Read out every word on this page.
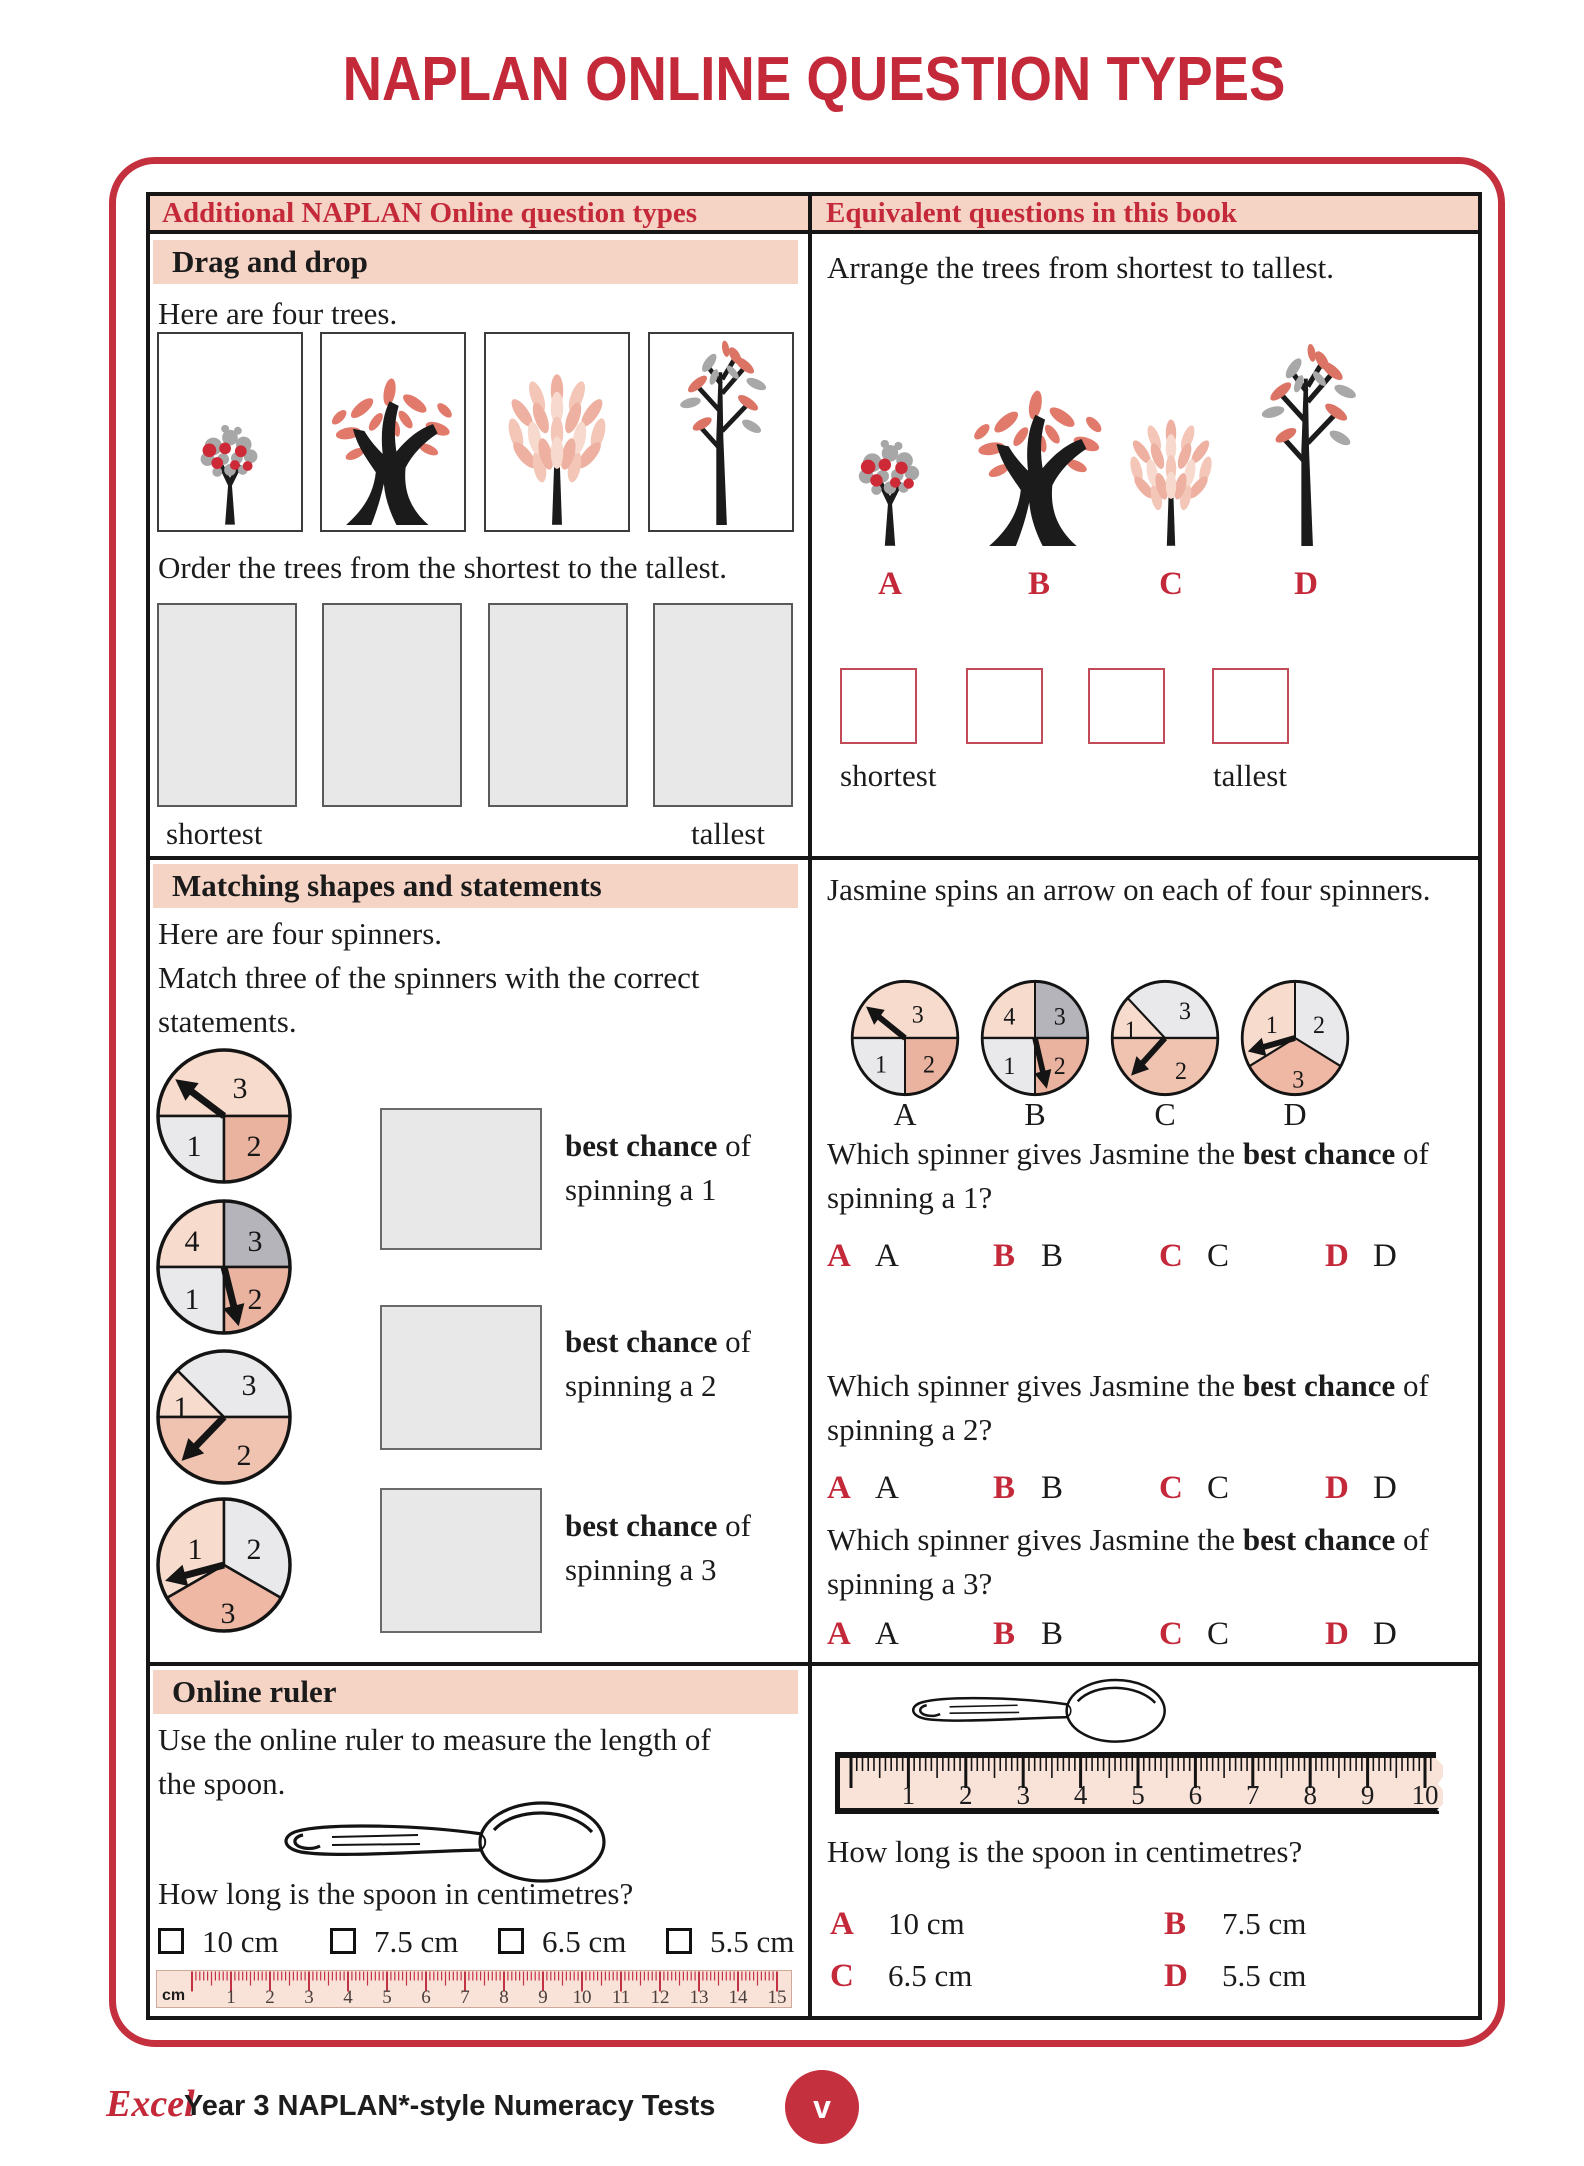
NAPLAN ONLINE QUESTION TYPES
Additional NAPLAN Online question types	Equivalent questions in this book
Drag and drop
Here are four trees.
Order the trees from the shortest to the tallest.
shortest	tallest
Arrange the trees from shortest to tallest.
A	B	C	D
shortest	tallest
Matching shapes and statements
Here are four spinners.
Match three of the spinners with the correct
statements.
3
1 2
4 3
1 2
1
3
2
1 2
3
best chance of
spinning a 1
best chance of
spinning a 2
best chance of
spinning a 3
Jasmine spins an arrow on each of four spinners.
3
1 2
4 3
1 2
1
3
2
1 2
3
A	B	C	D
Which spinner gives Jasmine the best chance of
spinning a 1?
A A	B B	C C	D D
Which spinner gives Jasmine the best chance of
spinning a 2?
A A	B B	C C	D D
Which spinner gives Jasmine the best chance of
spinning a 3?
A A	B B	C C	D D
Online ruler
Use the online ruler to measure the length of
the spoon.
How long is the spoon in centimetres?
10 cm	7.5 cm	6.5 cm	5.5 cm
1 2 3 4 5 6 7 8 9 10 11 12 13 14 15
cm
1 2 3 4 5 6 7 8 9 10
How long is the spoon in centimetres?
A 10 cm	B 7.5 cm
C 6.5 cm	D 5.5 cm
Excel
Year 3 NAPLAN*-style Numeracy Tests	v
